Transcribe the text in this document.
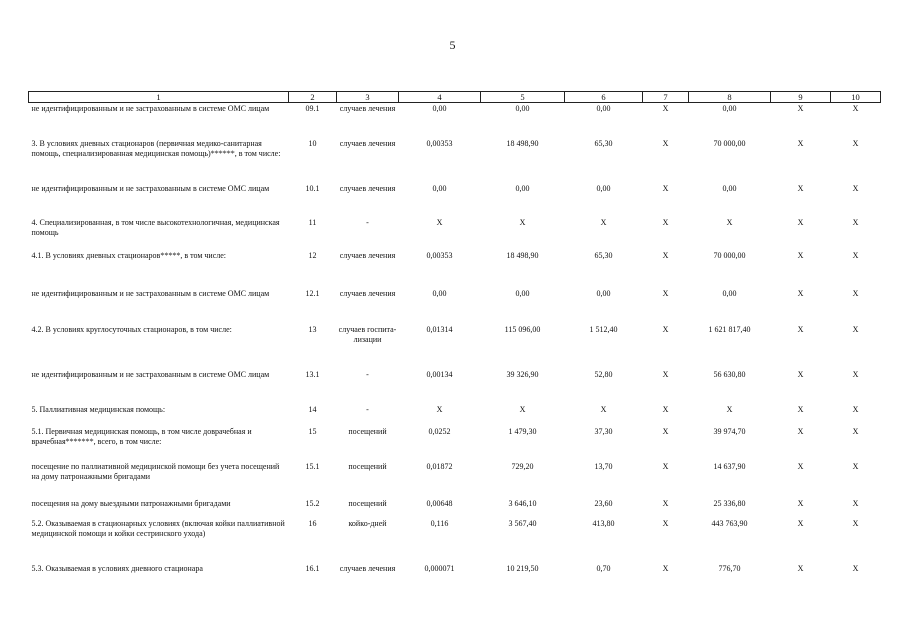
5
1	2	3	4	5	6	7	8	9	10
не идентифицированным и не застрахованным в системе ОМС лицам	09.1	случаев лечения	0,00	0,00	0,00	X	0,00	X	X
3. В условиях дневных стационаров (первичная медико-санитарная помощь, специализированная медицинская помощь)******, в том числе:	10	случаев лечения	0,00353	18 498,90	65,30	X	70 000,00	X	X
не идентифицированным и не застрахованным в системе ОМС лицам	10.1	случаев лечения	0,00	0,00	0,00	X	0,00	X	X
4. Специализированная, в том числе высокотехнологичная, медицинская помощь	11	-	X	X	X	X	X	X	X
4.1. В условиях дневных стационаров*****, в том числе:	12	случаев лечения	0,00353	18 498,90	65,30	X	70 000,00	X	X
не идентифицированным и не застрахованным в системе ОМС лицам	12.1	случаев лечения	0,00	0,00	0,00	X	0,00	X	X
4.2. В условиях круглосуточных стационаров, в том числе:	13	случаев госпита-лизации	0,01314	115 096,00	1 512,40	X	1 621 817,40	X	X
не идентифицированным и не застрахованным в системе ОМС лицам	13.1	-	0,00134	39 326,90	52,80	X	56 630,80	X	X
5. Паллиативная медицинская помощь:	14	-	X	X	X	X	X	X	X
5.1. Первичная медицинская помощь, в том числе доврачебная и врачебная*******, всего, в том числе:	15	посещений	0,0252	1 479,30	37,30	X	39 974,70	X	X
посещение по паллиативной медицинской помощи без учета посещений на дому патронажными бригадами	15.1	посещений	0,01872	729,20	13,70	X	14 637,90	X	X
посещения на дому выездными патронажными бригадами	15.2	посещений	0,00648	3 646,10	23,60	X	25 336,80	X	X
5.2. Оказываемая в стационарных условиях (включая койки паллиативной медицинской помощи и койки сестринского ухода)	16	койко-дней	0,116	3 567,40	413,80	X	443 763,90	X	X
5.3. Оказываемая в условиях дневного стационара	16.1	случаев лечения	0,000071	10 219,50	0,70	X	776,70	X	X
